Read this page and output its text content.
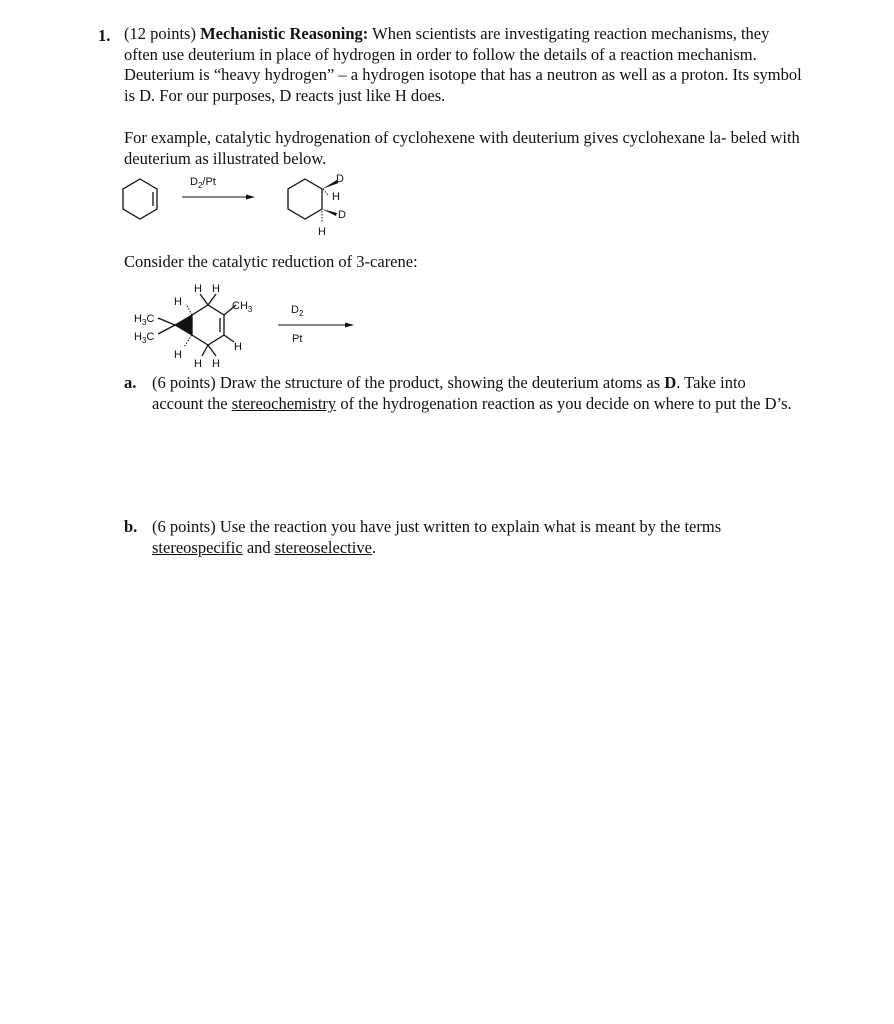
1. (12 points) Mechanistic Reasoning: When scientists are investigating reaction mechanisms, they often use deuterium in place of hydrogen in order to follow the details of a reaction mechanism. Deuterium is “heavy hydrogen” – a hydrogen isotope that has a neutron as well as a proton. Its symbol is D. For our purposes, D reacts just like H does.
For example, catalytic hydrogenation of cyclohexene with deuterium gives cyclohexane la- beled with deuterium as illustrated below.
$D_2/Pt$	D
H
D
H
Consider the catalytic reduction of 3-carene:
H H
H	$CH_3$
$H_3C$
$H_3C$
H
H
H H
$D_2$
Pt
a. (6 points) Draw the structure of the product, showing the deuterium atoms as D. Take into account the stereochemistry of the hydrogenation reaction as you decide on where to put the D’s.
b. (6 points) Use the reaction you have just written to explain what is meant by the terms stereospecific and stereoselective.
